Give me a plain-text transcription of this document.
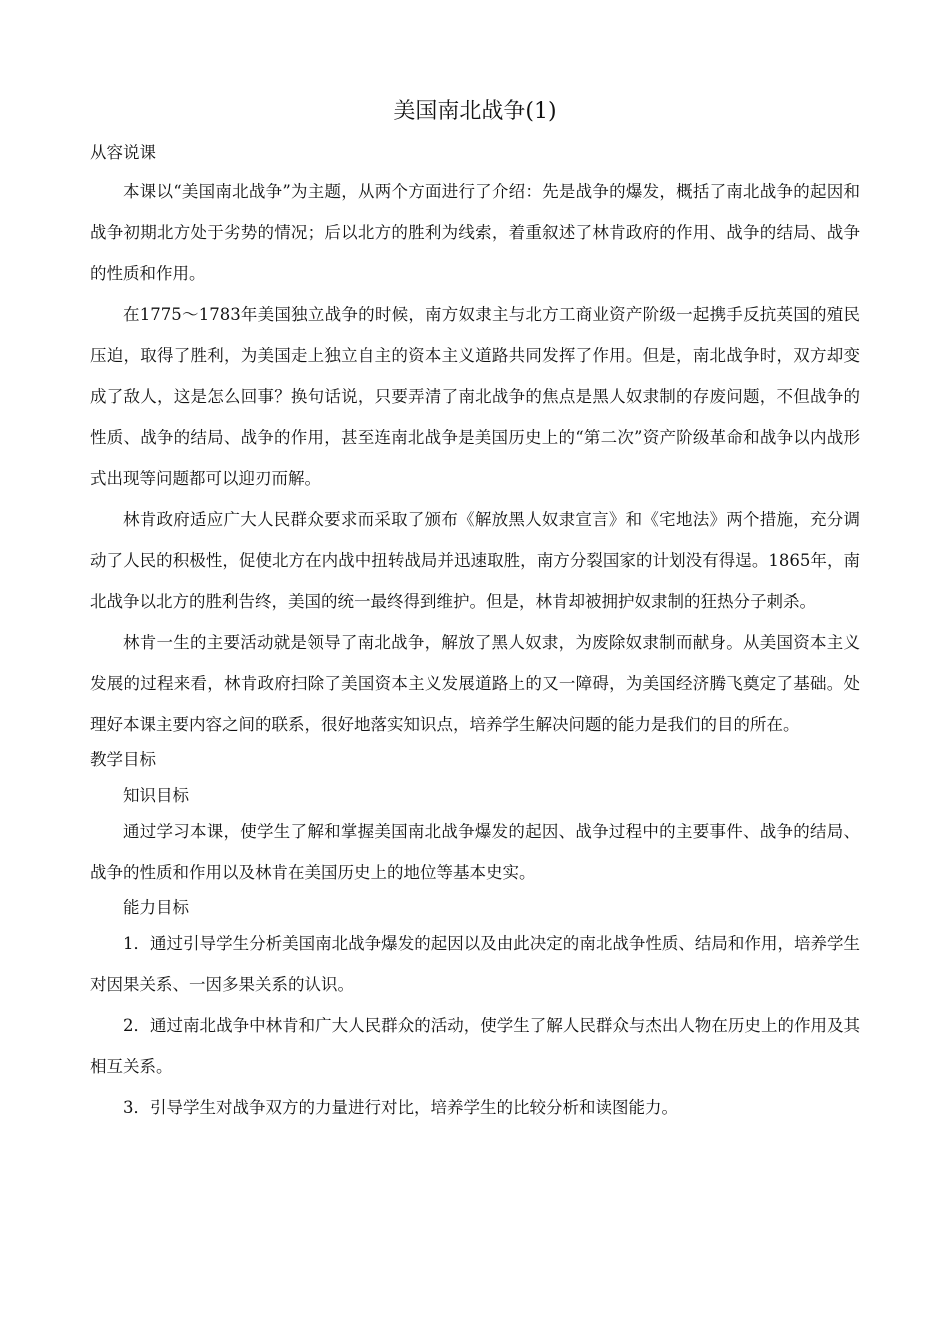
美国南北战争(1)

从容说课

本课以“美国南北战争”为主题，从两个方面进行了介绍：先是战争的爆发，概括了南北战争的起因和战争初期北方处于劣势的情况；后以北方的胜利为线索，着重叙述了林肯政府的作用、战争的结局、战争的性质和作用。

在1775～1783年美国独立战争的时候，南方奴隶主与北方工商业资产阶级一起携手反抗英国的殖民压迫，取得了胜利，为美国走上独立自主的资本主义道路共同发挥了作用。但是，南北战争时，双方却变成了敌人，这是怎么回事？换句话说，只要弄清了南北战争的焦点是黑人奴隶制的存废问题，不但战争的性质、战争的结局、战争的作用，甚至连南北战争是美国历史上的“第二次”资产阶级革命和战争以内战形式出现等问题都可以迎刃而解。

林肯政府适应广大人民群众要求而采取了颁布《解放黑人奴隶宣言》和《宅地法》两个措施，充分调动了人民的积极性，促使北方在内战中扭转战局并迅速取胜，南方分裂国家的计划没有得逞。1865年，南北战争以北方的胜利告终，美国的统一最终得到维护。但是，林肯却被拥护奴隶制的狂热分子刺杀。

林肯一生的主要活动就是领导了南北战争，解放了黑人奴隶，为废除奴隶制而献身。从美国资本主义发展的过程来看，林肯政府扫除了美国资本主义发展道路上的又一障碍，为美国经济腾飞奠定了基础。处理好本课主要内容之间的联系，很好地落实知识点，培养学生解决问题的能力是我们的目的所在。

教学目标

知识目标

通过学习本课，使学生了解和掌握美国南北战争爆发的起因、战争过程中的主要事件、战争的结局、战争的性质和作用以及林肯在美国历史上的地位等基本史实。

能力目标

1．通过引导学生分析美国南北战争爆发的起因以及由此决定的南北战争性质、结局和作用，培养学生对因果关系、一因多果关系的认识。

2．通过南北战争中林肯和广大人民群众的活动，使学生了解人民群众与杰出人物在历史上的作用及其相互关系。

3．引导学生对战争双方的力量进行对比，培养学生的比较分析和读图能力。
